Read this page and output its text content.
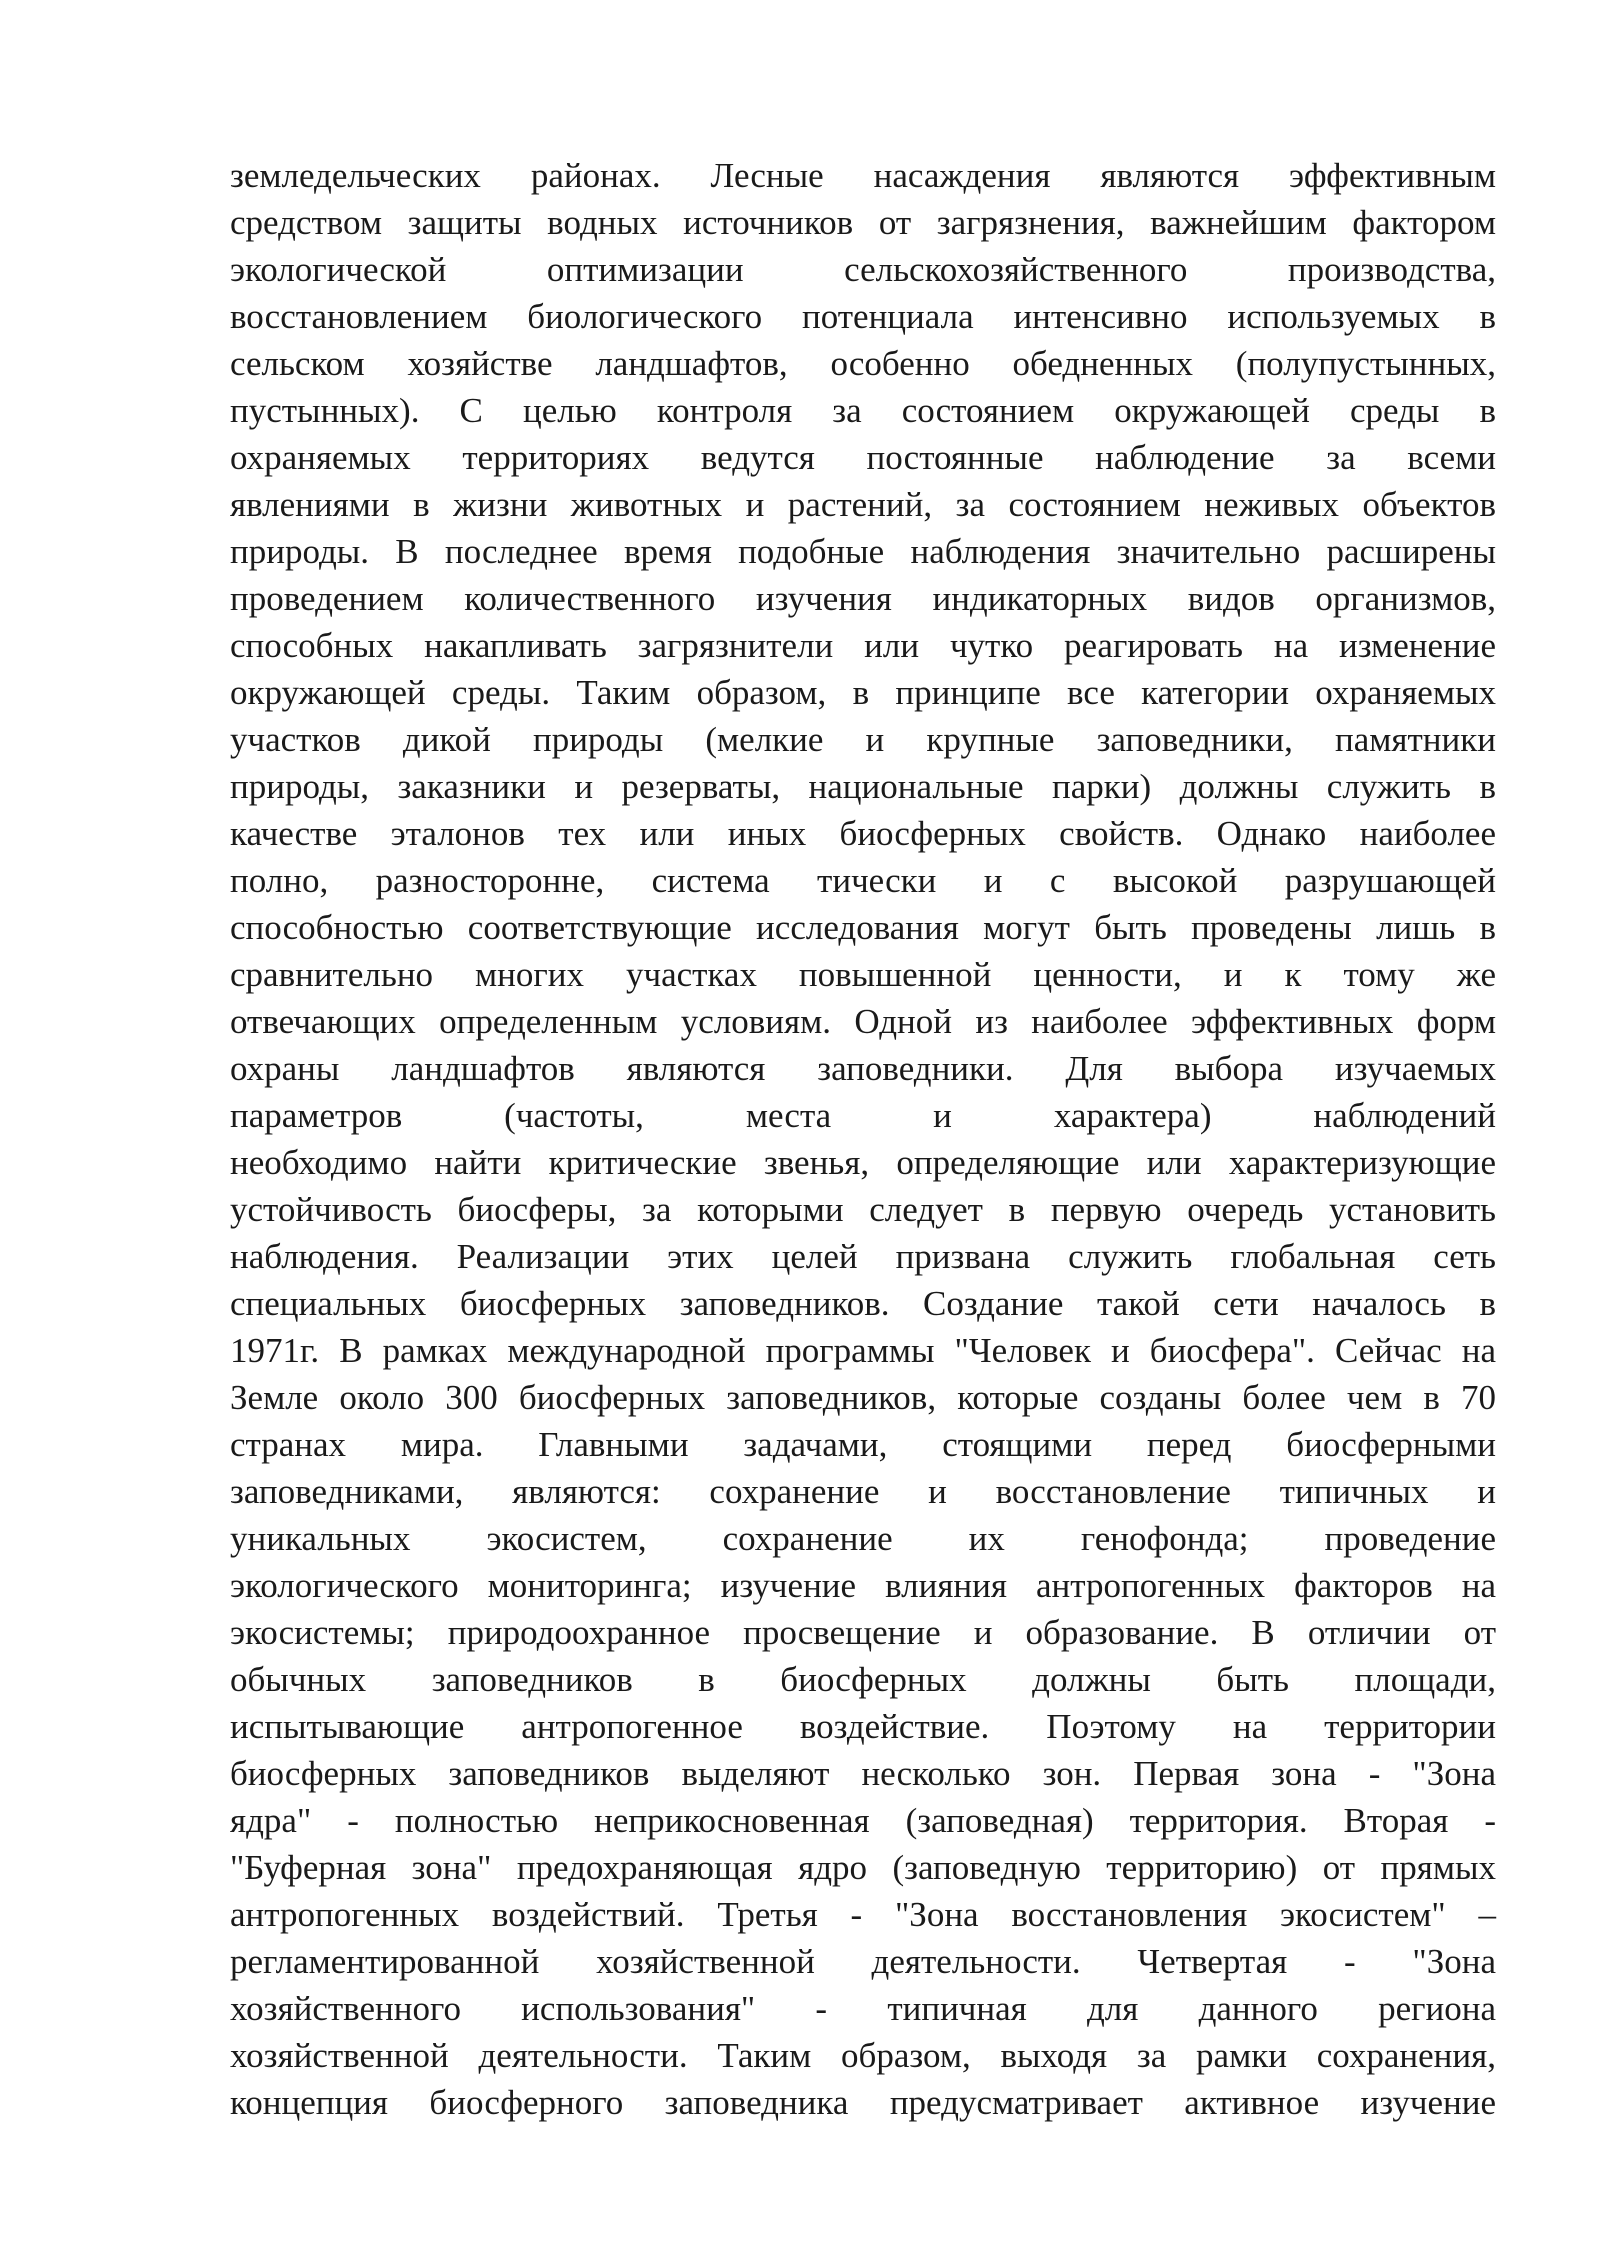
земледельческих районах. Лесные насаждения являются эффективным
средством защиты водных источников от загрязнения, важнейшим фактором
экологической оптимизации сельскохозяйственного производства,
восстановлением биологического потенциала интенсивно используемых в
сельском хозяйстве ландшафтов, особенно обедненных (полупустынных,
пустынных). С целью контроля за состоянием окружающей среды в
охраняемых территориях ведутся постоянные наблюдение за всеми
явлениями в жизни животных и растений, за состоянием неживых объектов
природы. В последнее время подобные наблюдения значительно расширены
проведением количественного изучения индикаторных видов организмов,
способных накапливать загрязнители или чутко реагировать на изменение
окружающей среды. Таким образом, в принципе все категории охраняемых
участков дикой природы (мелкие и крупные заповедники, памятники
природы, заказники и резерваты, национальные парки) должны служить в
качестве эталонов тех или иных биосферных свойств. Однако наиболее
полно, разносторонне, система тически и с высокой разрушающей
способностью соответствующие исследования могут быть проведены лишь в
сравнительно многих участках повышенной ценности, и к тому же
отвечающих определенным условиям. Одной из наиболее эффективных форм
охраны ландшафтов являются заповедники. Для выбора изучаемых
параметров (частоты, места и характера) наблюдений
необходимо найти критические звенья, определяющие или характеризующие
устойчивость биосферы, за которыми следует в первую очередь установить
наблюдения. Реализации этих целей призвана служить глобальная сеть
специальных биосферных заповедников. Создание такой сети началось в
1971г. В рамках международной программы "Человек и биосфера". Сейчас на
Земле около 300 биосферных заповедников, которые созданы более чем в 70
странах мира. Главными задачами, стоящими перед биосферными
заповедниками, являются: сохранение и восстановление типичных и
уникальных экосистем, сохранение их генофонда; проведение
экологического мониторинга; изучение влияния антропогенных факторов на
экосистемы; природоохранное просвещение и образование. В отличии от
обычных заповедников в биосферных должны быть площади,
испытывающие антропогенное воздействие. Поэтому на территории
биосферных заповедников выделяют несколько зон. Первая зона - "Зона
ядра" - полностью неприкосновенная (заповедная) территория. Вторая -
"Буферная зона" предохраняющая ядро (заповедную территорию) от прямых
антропогенных воздействий. Третья - "Зона восстановления экосистем" –
регламентированной хозяйственной деятельности. Четвертая - "Зона
хозяйственного использования" - типичная для данного региона
хозяйственной деятельности. Таким образом, выходя за рамки сохранения,
концепция биосферного заповедника предусматривает активное изучение
